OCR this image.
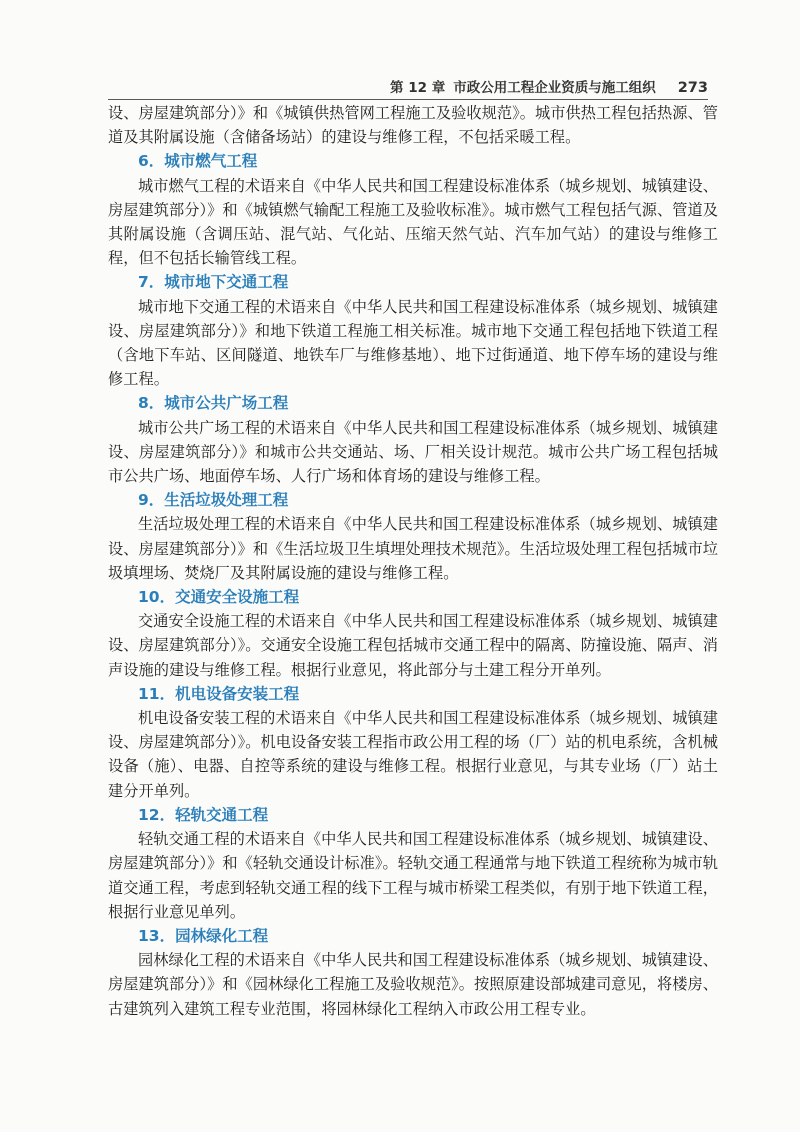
第 12 章 市政公用工程企业资质与施工组织 273

设、房屋建筑部分）》和《城镇供热管网工程施工及验收规范》。城市供热工程包括热源、管道及其附属设施（含储备场站）的建设与维修工程，不包括采暖工程。

6．城市燃气工程

城市燃气工程的术语来自《中华人民共和国工程建设标准体系（城乡规划、城镇建设、房屋建筑部分）》和《城镇燃气输配工程施工及验收标准》。城市燃气工程包括气源、管道及其附属设施（含调压站、混气站、气化站、压缩天然气站、汽车加气站）的建设与维修工程，但不包括长输管线工程。

7．城市地下交通工程

城市地下交通工程的术语来自《中华人民共和国工程建设标准体系（城乡规划、城镇建设、房屋建筑部分）》和地下铁道工程施工相关标准。城市地下交通工程包括地下铁道工程（含地下车站、区间隧道、地铁车厂与维修基地）、地下过街通道、地下停车场的建设与维修工程。

8．城市公共广场工程

城市公共广场工程的术语来自《中华人民共和国工程建设标准体系（城乡规划、城镇建设、房屋建筑部分）》和城市公共交通站、场、厂相关设计规范。城市公共广场工程包括城市公共广场、地面停车场、人行广场和体育场的建设与维修工程。

9．生活垃圾处理工程

生活垃圾处理工程的术语来自《中华人民共和国工程建设标准体系（城乡规划、城镇建设、房屋建筑部分）》和《生活垃圾卫生填埋处理技术规范》。生活垃圾处理工程包括城市垃圾填埋场、焚烧厂及其附属设施的建设与维修工程。

10．交通安全设施工程

交通安全设施工程的术语来自《中华人民共和国工程建设标准体系（城乡规划、城镇建设、房屋建筑部分）》。交通安全设施工程包括城市交通工程中的隔离、防撞设施、隔声、消声设施的建设与维修工程。根据行业意见，将此部分与土建工程分开单列。

11．机电设备安装工程

机电设备安装工程的术语来自《中华人民共和国工程建设标准体系（城乡规划、城镇建设、房屋建筑部分）》。机电设备安装工程指市政公用工程的场（厂）站的机电系统，含机械设备（施）、电器、自控等系统的建设与维修工程。根据行业意见，与其专业场（厂）站土建分开单列。

12．轻轨交通工程

轻轨交通工程的术语来自《中华人民共和国工程建设标准体系（城乡规划、城镇建设、房屋建筑部分）》和《轻轨交通设计标准》。轻轨交通工程通常与地下铁道工程统称为城市轨道交通工程，考虑到轻轨交通工程的线下工程与城市桥梁工程类似，有别于地下铁道工程，根据行业意见单列。

13．园林绿化工程

园林绿化工程的术语来自《中华人民共和国工程建设标准体系（城乡规划、城镇建设、房屋建筑部分）》和《园林绿化工程施工及验收规范》。按照原建设部城建司意见，将楼房、古建筑列入建筑工程专业范围，将园林绿化工程纳入市政公用工程专业。
